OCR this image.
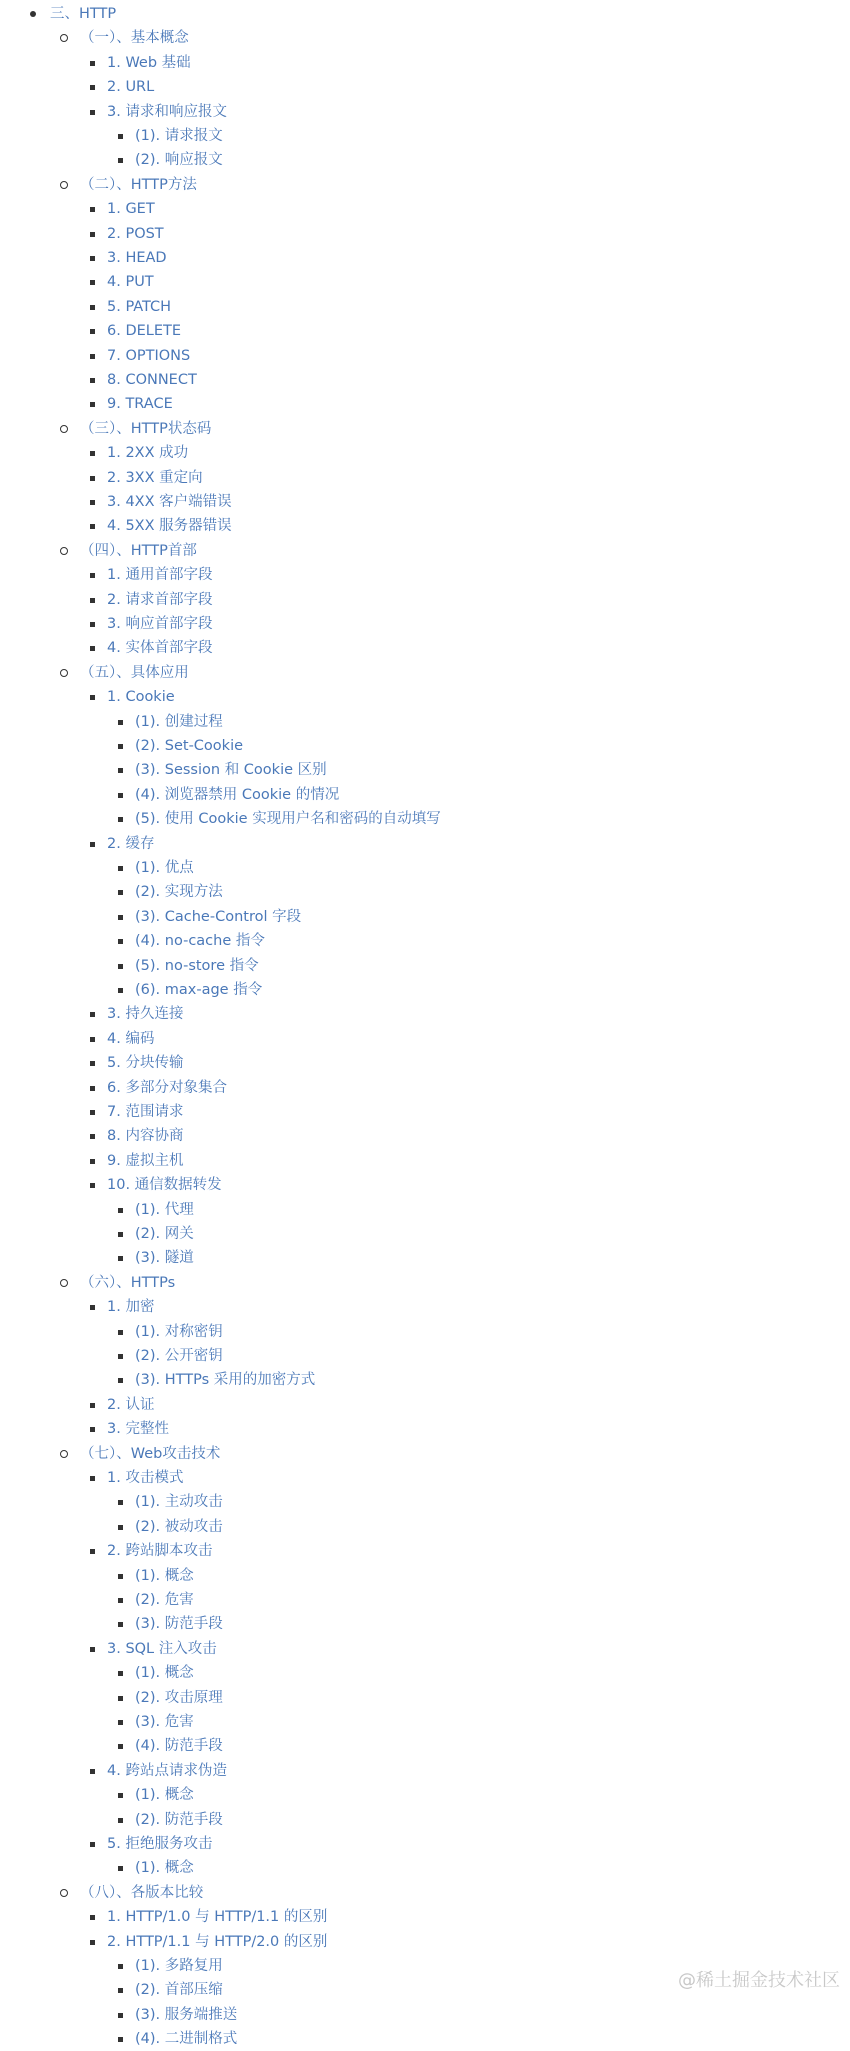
三、HTTP
（一）、基本概念
1. Web 基础
2. URL
3. 请求和响应报文
(1). 请求报文
(2). 响应报文
（二）、HTTP方法
1. GET
2. POST
3. HEAD
4. PUT
5. PATCH
6. DELETE
7. OPTIONS
8. CONNECT
9. TRACE
（三）、HTTP状态码
1. 2XX 成功
2. 3XX 重定向
3. 4XX 客户端错误
4. 5XX 服务器错误
（四）、HTTP首部
1. 通用首部字段
2. 请求首部字段
3. 响应首部字段
4. 实体首部字段
（五）、具体应用
1. Cookie
(1). 创建过程
(2). Set-Cookie
(3). Session 和 Cookie 区别
(4). 浏览器禁用 Cookie 的情况
(5). 使用 Cookie 实现用户名和密码的自动填写
2. 缓存
(1). 优点
(2). 实现方法
(3). Cache-Control 字段
(4). no-cache 指令
(5). no-store 指令
(6). max-age 指令
3. 持久连接
4. 编码
5. 分块传输
6. 多部分对象集合
7. 范围请求
8. 内容协商
9. 虚拟主机
10. 通信数据转发
(1). 代理
(2). 网关
(3). 隧道
（六）、HTTPs
1. 加密
(1). 对称密钥
(2). 公开密钥
(3). HTTPs 采用的加密方式
2. 认证
3. 完整性
（七）、Web攻击技术
1. 攻击模式
(1). 主动攻击
(2). 被动攻击
2. 跨站脚本攻击
(1). 概念
(2). 危害
(3). 防范手段
3. SQL 注入攻击
(1). 概念
(2). 攻击原理
(3). 危害
(4). 防范手段
4. 跨站点请求伪造
(1). 概念
(2). 防范手段
5. 拒绝服务攻击
(1). 概念
（八）、各版本比较
1. HTTP/1.0 与 HTTP/1.1 的区别
2. HTTP/1.1 与 HTTP/2.0 的区别
(1). 多路复用
(2). 首部压缩
(3). 服务端推送
(4). 二进制格式
@稀土掘金技术社区
